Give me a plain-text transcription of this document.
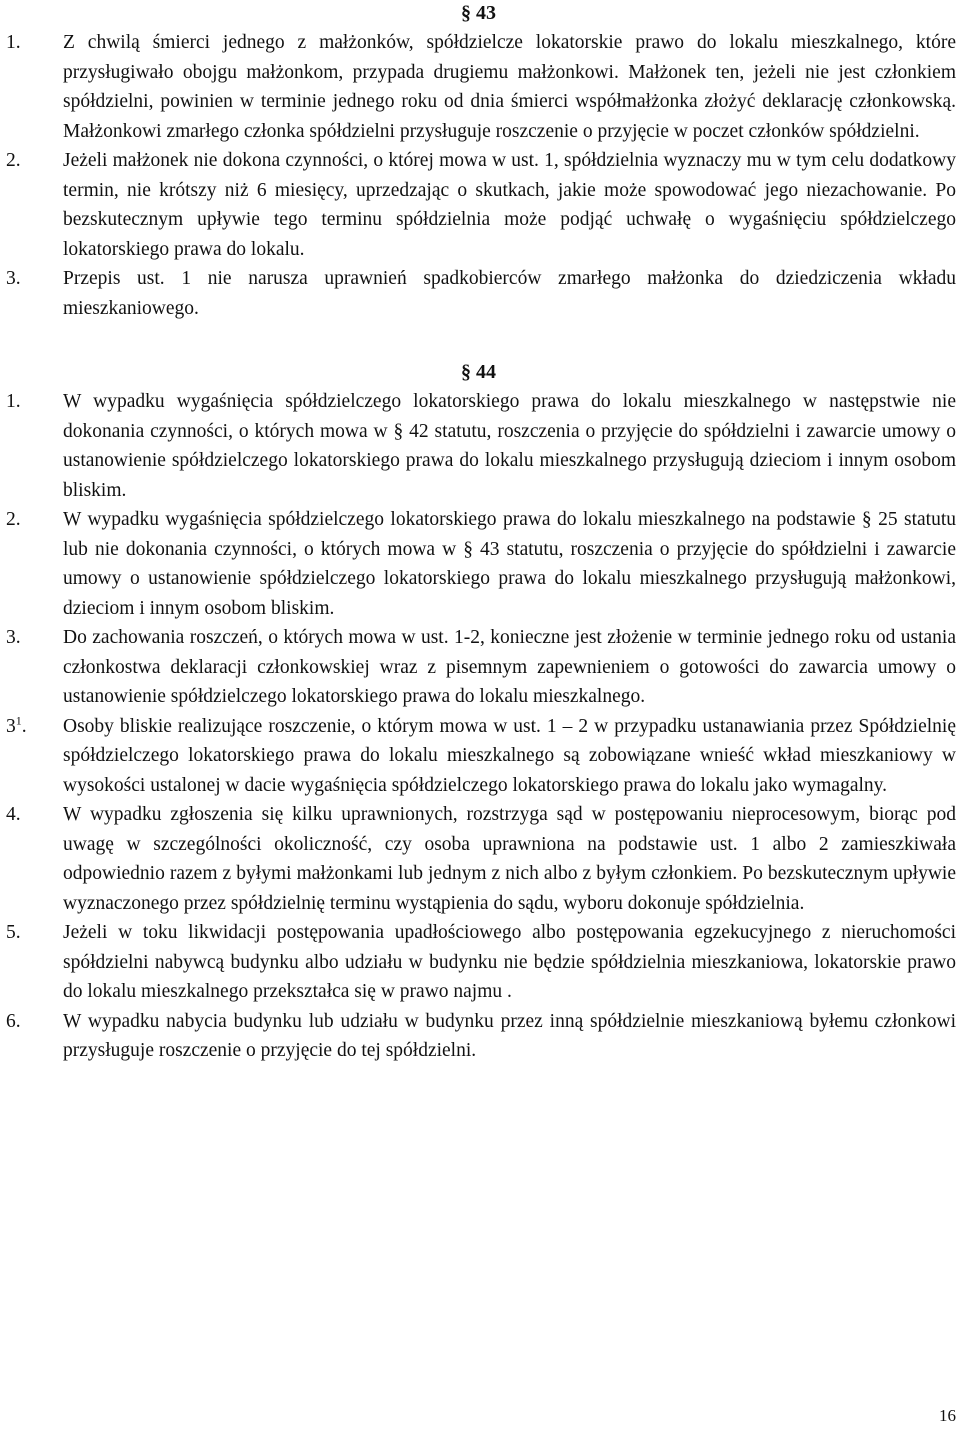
§ 43
1. Z chwilą śmierci jednego z małżonków, spółdzielcze lokatorskie prawo do lokalu mieszkalnego, które przysługiwało obojgu małżonkom, przypada drugiemu małżonkowi. Małżonek ten, jeżeli nie jest członkiem spółdzielni, powinien w terminie jednego roku od dnia śmierci współmałżonka złożyć deklarację członkowską. Małżonkowi zmarłego członka spółdzielni przysługuje roszczenie o przyjęcie w poczet członków spółdzielni.
2. Jeżeli małżonek nie dokona czynności, o której mowa w ust. 1, spółdzielnia wyznaczy mu w tym celu dodatkowy termin, nie krótszy niż 6 miesięcy, uprzedzając o skutkach, jakie może spowodować jego niezachowanie. Po bezskutecznym upływie tego terminu spółdzielnia może podjąć uchwałę o wygaśnięciu spółdzielczego lokatorskiego prawa do lokalu.
3. Przepis ust. 1 nie narusza uprawnień spadkobierców zmarłego małżonka do dziedziczenia wkładu mieszkaniowego.
§ 44
1. W wypadku wygaśnięcia spółdzielczego lokatorskiego prawa do lokalu mieszkalnego w następstwie nie dokonania czynności, o których mowa w § 42 statutu, roszczenia o przyjęcie do spółdzielni i zawarcie umowy o ustanowienie spółdzielczego lokatorskiego prawa do lokalu mieszkalnego przysługują dzieciom i innym osobom bliskim.
2. W wypadku wygaśnięcia spółdzielczego lokatorskiego prawa do lokalu mieszkalnego na podstawie § 25 statutu lub nie dokonania czynności, o których mowa w § 43 statutu, roszczenia o przyjęcie do spółdzielni i zawarcie umowy o ustanowienie spółdzielczego lokatorskiego prawa do lokalu mieszkalnego przysługują małżonkowi, dzieciom i innym osobom bliskim.
3. Do zachowania roszczeń, o których mowa w ust. 1-2, konieczne jest złożenie w terminie jednego roku od ustania członkostwa deklaracji członkowskiej wraz z pisemnym zapewnieniem o gotowości do zawarcia umowy o ustanowienie spółdzielczego lokatorskiego prawa do lokalu mieszkalnego.
$3^1$. Osoby bliskie realizujące roszczenie, o którym mowa w ust. 1 – 2 w przypadku ustanawiania przez Spółdzielnię spółdzielczego lokatorskiego prawa do lokalu mieszkalnego są zobowiązane wnieść wkład mieszkaniowy w wysokości ustalonej w dacie wygaśnięcia spółdzielczego lokatorskiego prawa do lokalu jako wymagalny.
4. W wypadku zgłoszenia się kilku uprawnionych, rozstrzyga sąd w postępowaniu nieprocesowym, biorąc pod uwagę w szczególności okoliczność, czy osoba uprawniona na podstawie ust. 1 albo 2 zamieszkiwała odpowiednio razem z byłymi małżonkami lub jednym z nich albo z byłym członkiem. Po bezskutecznym upływie wyznaczonego przez spółdzielnię terminu wystąpienia do sądu, wyboru dokonuje spółdzielnia.
5. Jeżeli w toku likwidacji postępowania upadłościowego albo postępowania egzekucyjnego z nieruchomości spółdzielni nabywcą budynku albo udziału w budynku nie będzie spółdzielnia mieszkaniowa, lokatorskie prawo do lokalu mieszkalnego przekształca się w prawo najmu .
6. W wypadku nabycia budynku lub udziału w budynku przez inną spółdzielnie mieszkaniową byłemu członkowi przysługuje roszczenie o przyjęcie do tej spółdzielni.
16
